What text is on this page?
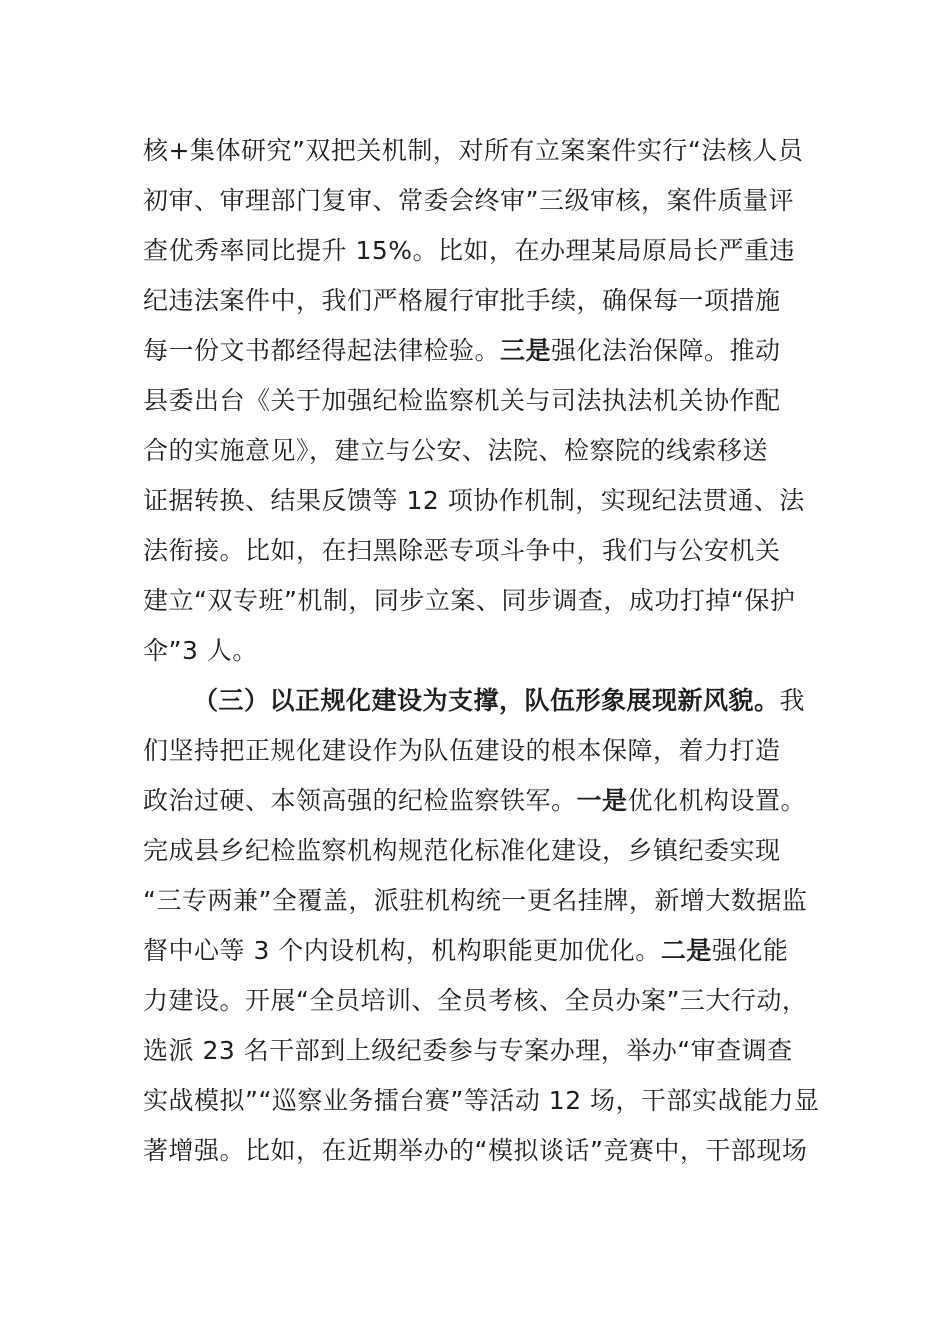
核+集体研究”双把关机制，对所有立案案件实行“法核人员
初审、审理部门复审、常委会终审”三级审核，案件质量评
查优秀率同比提升 15%。比如，在办理某局原局长严重违
纪违法案件中，我们严格履行审批手续，确保每一项措施
每一份文书都经得起法律检验。三是强化法治保障。推动
县委出台《关于加强纪检监察机关与司法执法机关协作配
合的实施意见》，建立与公安、法院、检察院的线索移送
证据转换、结果反馈等 12 项协作机制，实现纪法贯通、法
法衔接。比如，在扫黑除恶专项斗争中，我们与公安机关
建立“双专班”机制，同步立案、同步调查，成功打掉“保护
伞”3 人。
（三）以正规化建设为支撑，队伍形象展现新风貌。我
们坚持把正规化建设作为队伍建设的根本保障，着力打造
政治过硬、本领高强的纪检监察铁军。一是优化机构设置。
完成县乡纪检监察机构规范化标准化建设，乡镇纪委实现
“三专两兼”全覆盖，派驻机构统一更名挂牌，新增大数据监
督中心等 3 个内设机构，机构职能更加优化。二是强化能
力建设。开展“全员培训、全员考核、全员办案”三大行动，
选派 23 名干部到上级纪委参与专案办理，举办“审查调查
实战模拟”“巡察业务擂台赛”等活动 12 场，干部实战能力显
著增强。比如，在近期举办的“模拟谈话”竞赛中，干部现场
